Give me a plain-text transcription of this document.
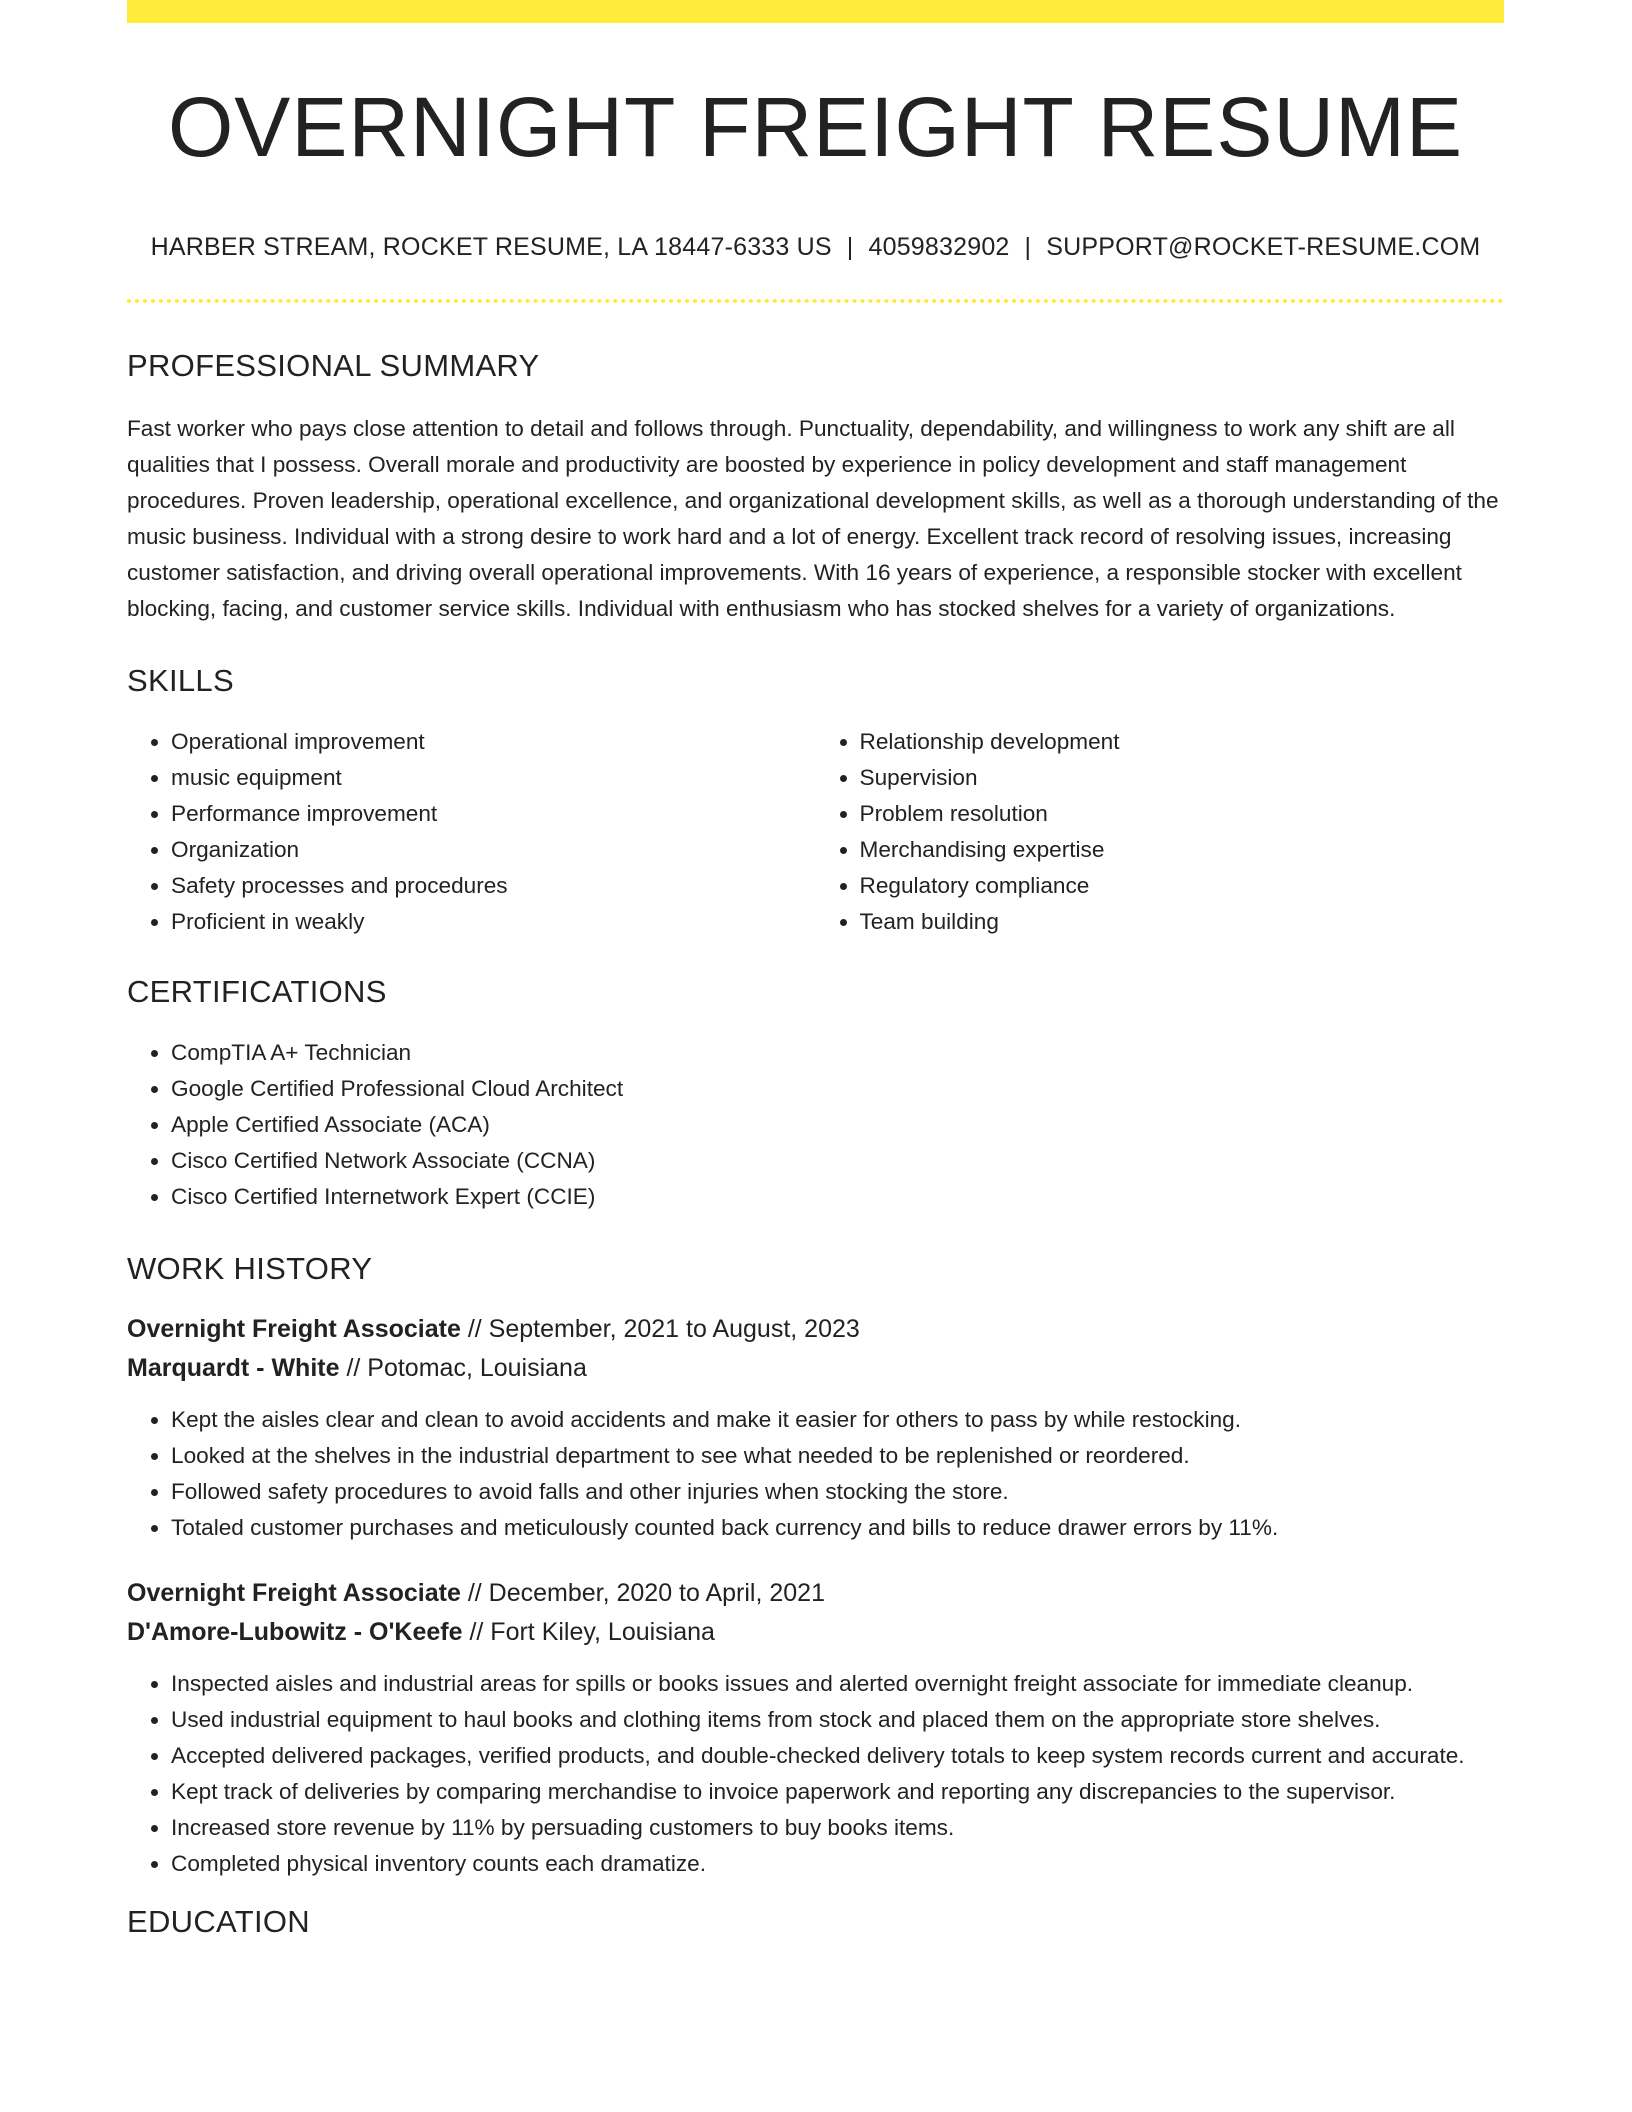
OVERNIGHT FREIGHT RESUME
HARBER STREAM, ROCKET RESUME, LA 18447-6333 US | 4059832902 | SUPPORT@ROCKET-RESUME.COM
PROFESSIONAL SUMMARY

Fast worker who pays close attention to detail and follows through. Punctuality, dependability, and willingness to work any shift are all qualities that I possess. Overall morale and productivity are boosted by experience in policy development and staff management procedures. Proven leadership, operational excellence, and organizational development skills, as well as a thorough understanding of the music business. Individual with a strong desire to work hard and a lot of energy. Excellent track record of resolving issues, increasing customer satisfaction, and driving overall operational improvements. With 16 years of experience, a responsible stocker with excellent blocking, facing, and customer service skills. Individual with enthusiasm who has stocked shelves for a variety of organizations.

SKILLS
• Operational improvement
• music equipment
• Performance improvement
• Organization
• Safety processes and procedures
• Proficient in weakly
• Relationship development
• Supervision
• Problem resolution
• Merchandising expertise
• Regulatory compliance
• Team building
CERTIFICATIONS
• CompTIA A+ Technician
• Google Certified Professional Cloud Architect
• Apple Certified Associate (ACA)
• Cisco Certified Network Associate (CCNA)
• Cisco Certified Internetwork Expert (CCIE)
WORK HISTORY
Overnight Freight Associate // September, 2021 to August, 2023
Marquardt - White // Potomac, Louisiana
• Kept the aisles clear and clean to avoid accidents and make it easier for others to pass by while restocking.
• Looked at the shelves in the industrial department to see what needed to be replenished or reordered.
• Followed safety procedures to avoid falls and other injuries when stocking the store.
• Totaled customer purchases and meticulously counted back currency and bills to reduce drawer errors by 11%.
Overnight Freight Associate // December, 2020 to April, 2021
D'Amore-Lubowitz - O'Keefe // Fort Kiley, Louisiana
• Inspected aisles and industrial areas for spills or books issues and alerted overnight freight associate for immediate cleanup.
• Used industrial equipment to haul books and clothing items from stock and placed them on the appropriate store shelves.
• Accepted delivered packages, verified products, and double-checked delivery totals to keep system records current and accurate.
• Kept track of deliveries by comparing merchandise to invoice paperwork and reporting any discrepancies to the supervisor.
• Increased store revenue by 11% by persuading customers to buy books items.
• Completed physical inventory counts each dramatize.
EDUCATION
